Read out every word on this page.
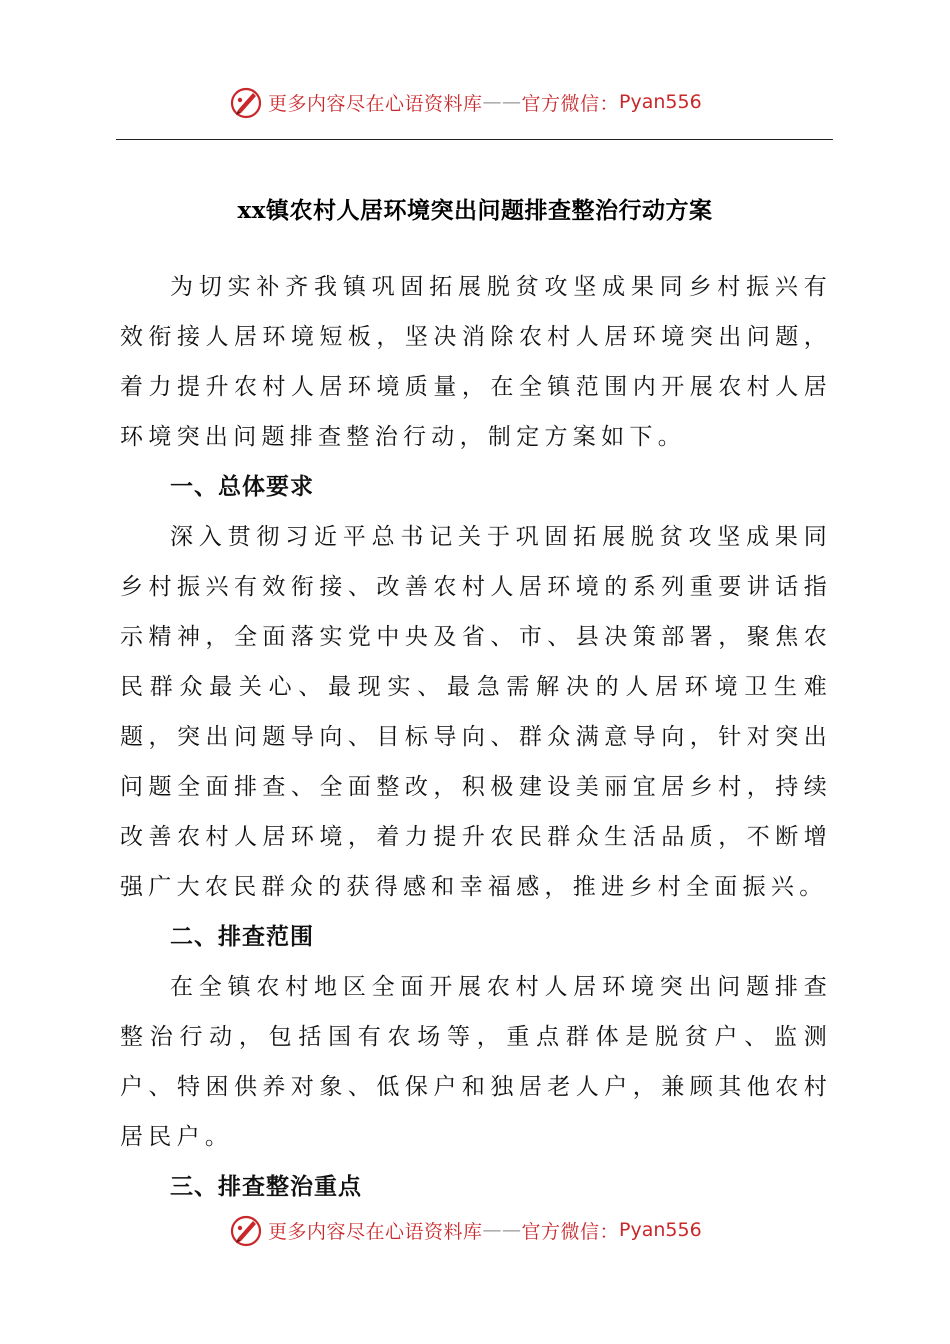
更多内容尽在心语资料库 —— 官方微信： Pyan556
xx镇农村人居环境突出问题排查整治行动方案

为切实补齐我镇巩固拓展脱贫攻坚成果同乡村振兴有效衔接人居环境短板，坚决消除农村人居环境突出问题，着力提升农村人居环境质量，在全镇范围内开展农村人居环境突出问题排查整治行动，制定方案如下。

一、总体要求

深入贯彻习近平总书记关于巩固拓展脱贫攻坚成果同乡村振兴有效衔接、改善农村人居环境的系列重要讲话指示精神，全面落实党中央及省、市、县决策部署，聚焦农民群众最关心、最现实、最急需解决的人居环境卫生难题，突出问题导向、目标导向、群众满意导向，针对突出问题全面排查、全面整改，积极建设美丽宜居乡村，持续改善农村人居环境，着力提升农民群众生活品质，不断增强广大农民群众的获得感和幸福感，推进乡村全面振兴。

二、排查范围

在全镇农村地区全面开展农村人居环境突出问题排查整治行动，包括国有农场等，重点群体是脱贫户、监测户、特困供养对象、低保户和独居老人户，兼顾其他农村居民户。

三、排查整治重点

更多内容尽在心语资料库 —— 官方微信： Pyan556
